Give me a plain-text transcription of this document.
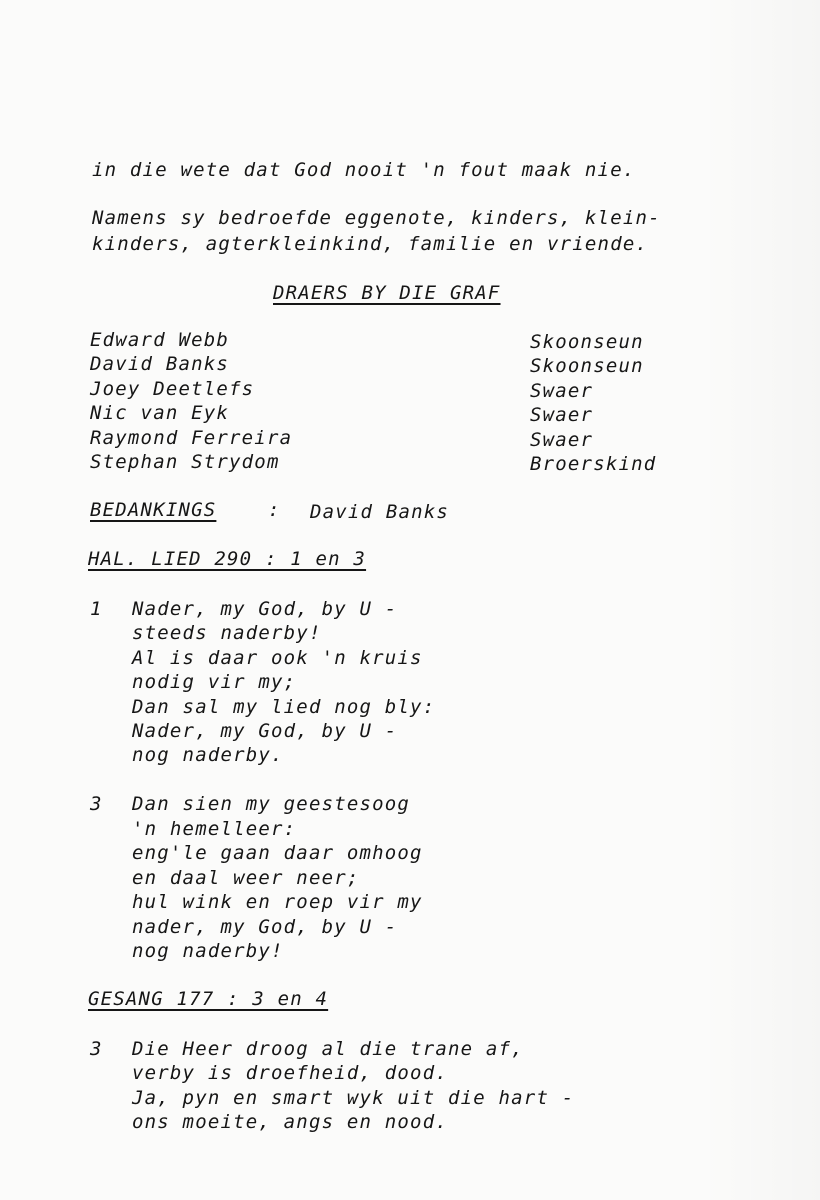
in die wete dat God nooit 'n fout maak nie.
Namens sy bedroefde eggenote, kinders, klein-
kinders, agterkleinkind, familie en vriende.
DRAERS BY DIE GRAF
Edward Webb	Skoonseun
David Banks	Skoonseun
Joey Deetlefs	Swaer
Nic van Eyk	Swaer
Raymond Ferreira	Swaer
Stephan Strydom	Broerskind
BEDANKINGS	: David Banks
HAL. LIED 290 : 1 en 3
1 Nader, my God, by U -
steeds naderby!
Al is daar ook 'n kruis
nodig vir my;
Dan sal my lied nog bly:
Nader, my God, by U -
nog naderby.
3 Dan sien my geestesoog
'n hemelleer:
eng'le gaan daar omhoog
en daal weer neer;
hul wink en roep vir my
nader, my God, by U -
nog naderby!
GESANG 177 : 3 en 4
3 Die Heer droog al die trane af,
verby is droefheid, dood.
Ja, pyn en smart wyk uit die hart -
ons moeite, angs en nood.
